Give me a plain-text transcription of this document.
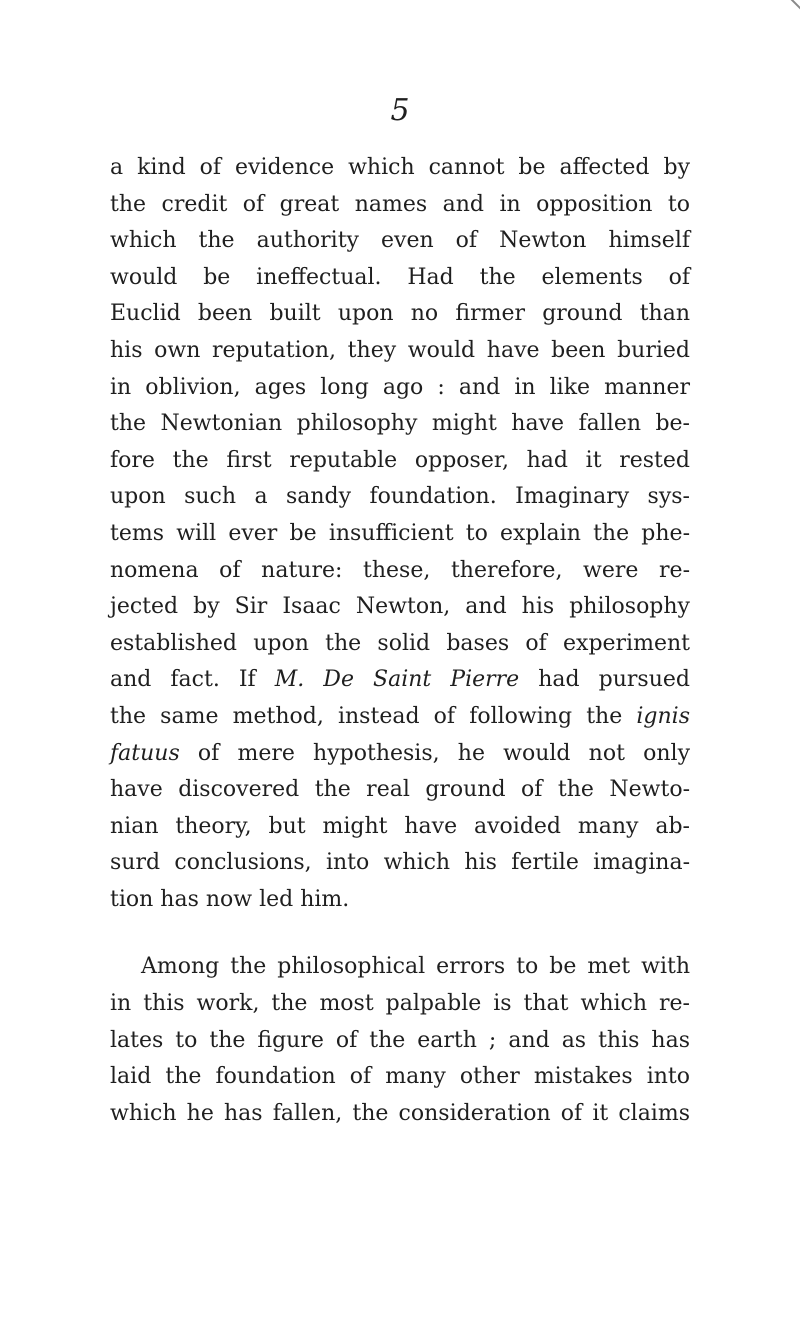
5
a kind of evidence which cannot be affected by
the credit of great names and in opposition to
which the authority even of Newton himself
would be ineffectual. Had the elements of
Euclid been built upon no firmer ground than
his own reputation, they would have been buried
in oblivion, ages long ago : and in like manner
the Newtonian philosophy might have fallen be-
fore the first reputable opposer, had it rested
upon such a sandy foundation. Imaginary sys-
tems will ever be insufficient to explain the phe-
nomena of nature: these, therefore, were re-
jected by Sir Isaac Newton, and his philosophy
established upon the solid bases of experiment
and fact. If M. De Saint Pierre had pursued
the same method, instead of following the ignis
fatuus of mere hypothesis, he would not only
have discovered the real ground of the Newto-
nian theory, but might have avoided many ab-
surd conclusions, into which his fertile imagina-
tion has now led him.
Among the philosophical errors to be met with
in this work, the most palpable is that which re-
lates to the figure of the earth ; and as this has
laid the foundation of many other mistakes into
which he has fallen, the consideration of it claims
